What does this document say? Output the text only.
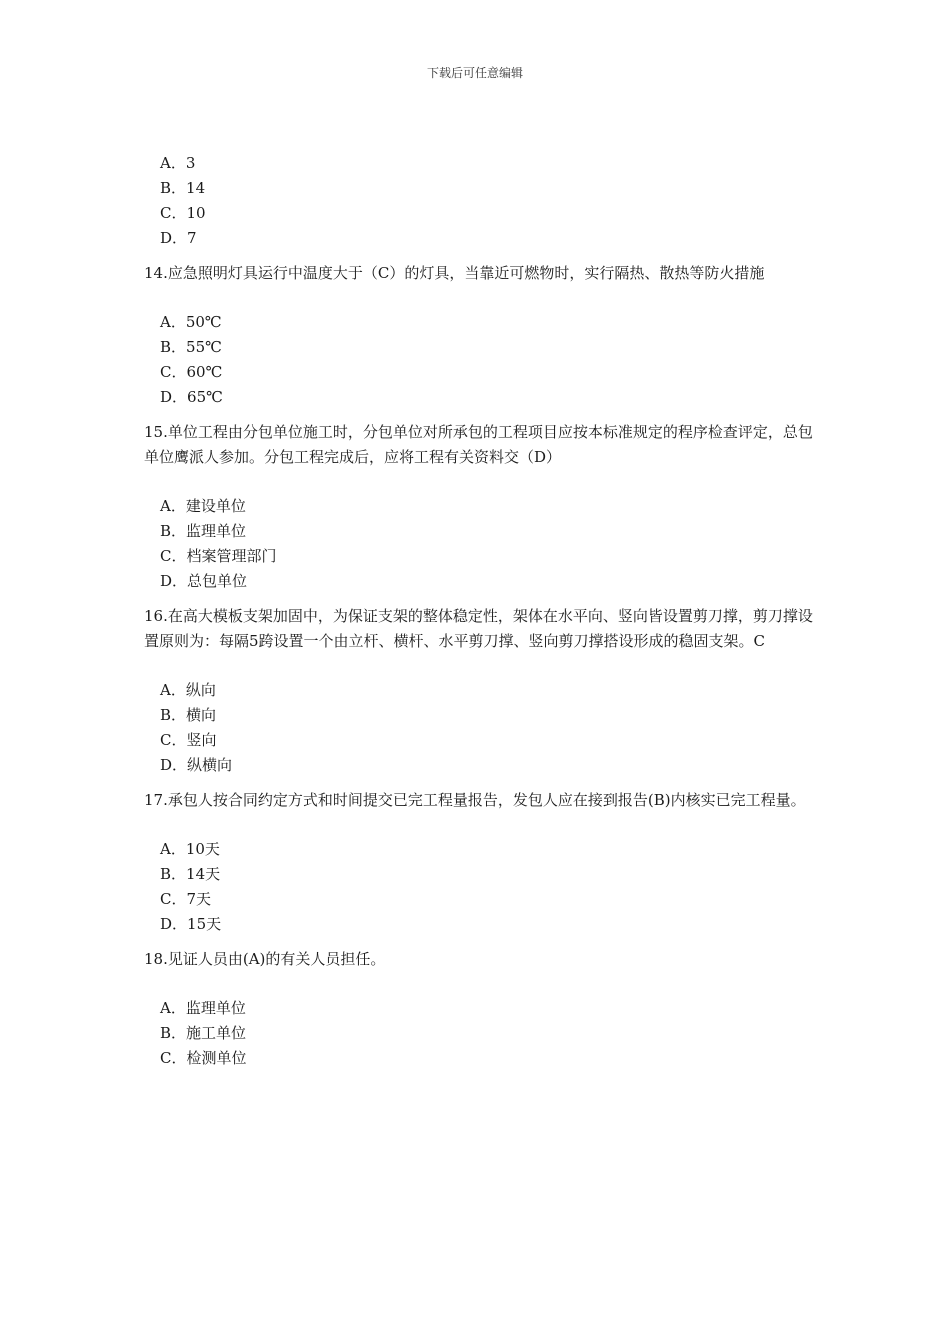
下载后可任意编辑
A．3
B．14
C．10
D．7

14.应急照明灯具运行中温度大于（C）的灯具，当靠近可燃物时，实行隔热、散热等防火措施

A．50℃
B．55℃
C．60℃
D．65℃

15.单位工程由分包单位施工时，分包单位对所承包的工程项目应按本标准规定的程序检查评定，总包单位鹰派人参加。分包工程完成后，应将工程有关资料交（D）

A．建设单位
B．监理单位
C．档案管理部门
D．总包单位

16.在高大模板支架加固中，为保证支架的整体稳定性，架体在水平向、竖向皆设置剪刀撑，剪刀撑设置原则为：每隔5跨设置一个由立杆、横杆、水平剪刀撑、竖向剪刀撑搭设形成的稳固支架。C

A．纵向
B．横向
C．竖向
D．纵横向

17.承包人按合同约定方式和时间提交已完工程量报告，发包人应在接到报告(B)内核实已完工程量。

A．10天
B．14天
C．7天
D．15天

18.见证人员由(A)的有关人员担任。

A．监理单位
B．施工单位
C．检测单位
